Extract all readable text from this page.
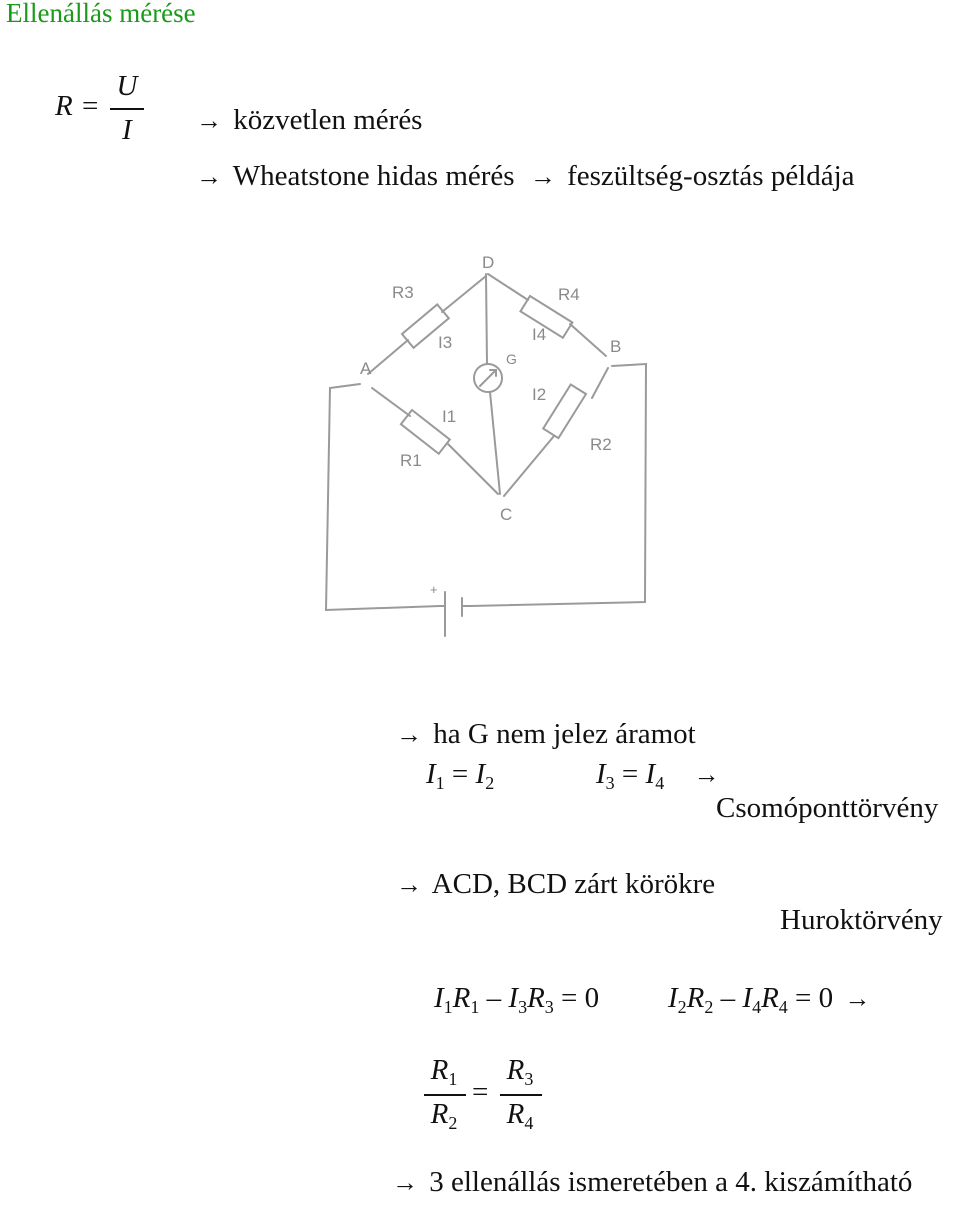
Ellenállás mérése
R =
U
I	→ közvetlen mérés
→ Wheatstone hidas mérés → feszültség-osztás példája
D
B
A
C
R3	R4
R1
R2
I3	I4
I1
I2
G
+
→ ha G nem jelez áramot
$I_1 = I_2$	$I_3 = I_4$ →
Csomóponttörvény
→ ACD, BCD zárt körökre
Huroktörvény
$I_1R_1 - I_3R_3 = 0$ $I_2R_2 - I_4R_4 = 0$ →
$R_1$
$R_2$
=
$R_3$
$R_4$
→ 3 ellenállás ismeretében a 4. kiszámítható
